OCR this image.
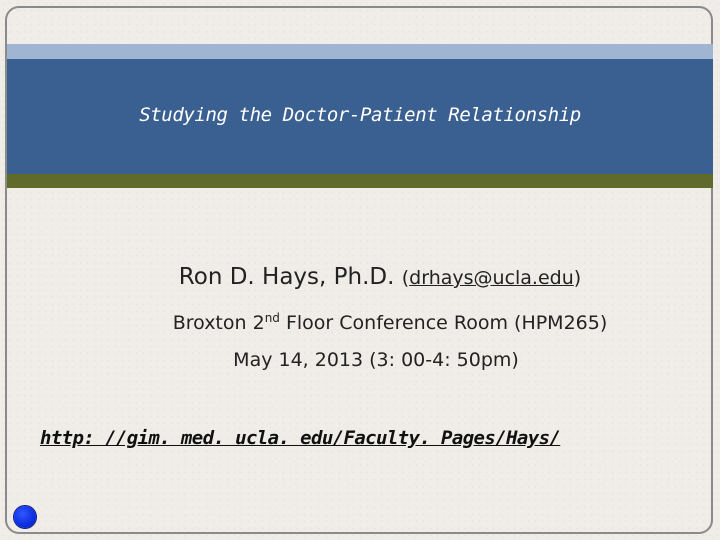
Studying the Doctor-Patient Relationship
Ron D. Hays, Ph.D. (drhays@ucla.edu)
Broxton 2nd Floor Conference Room (HPM265)
May 14, 2013 (3: 00-4: 50pm)
http: //gim. med. ucla. edu/Faculty. Pages/Hays/
